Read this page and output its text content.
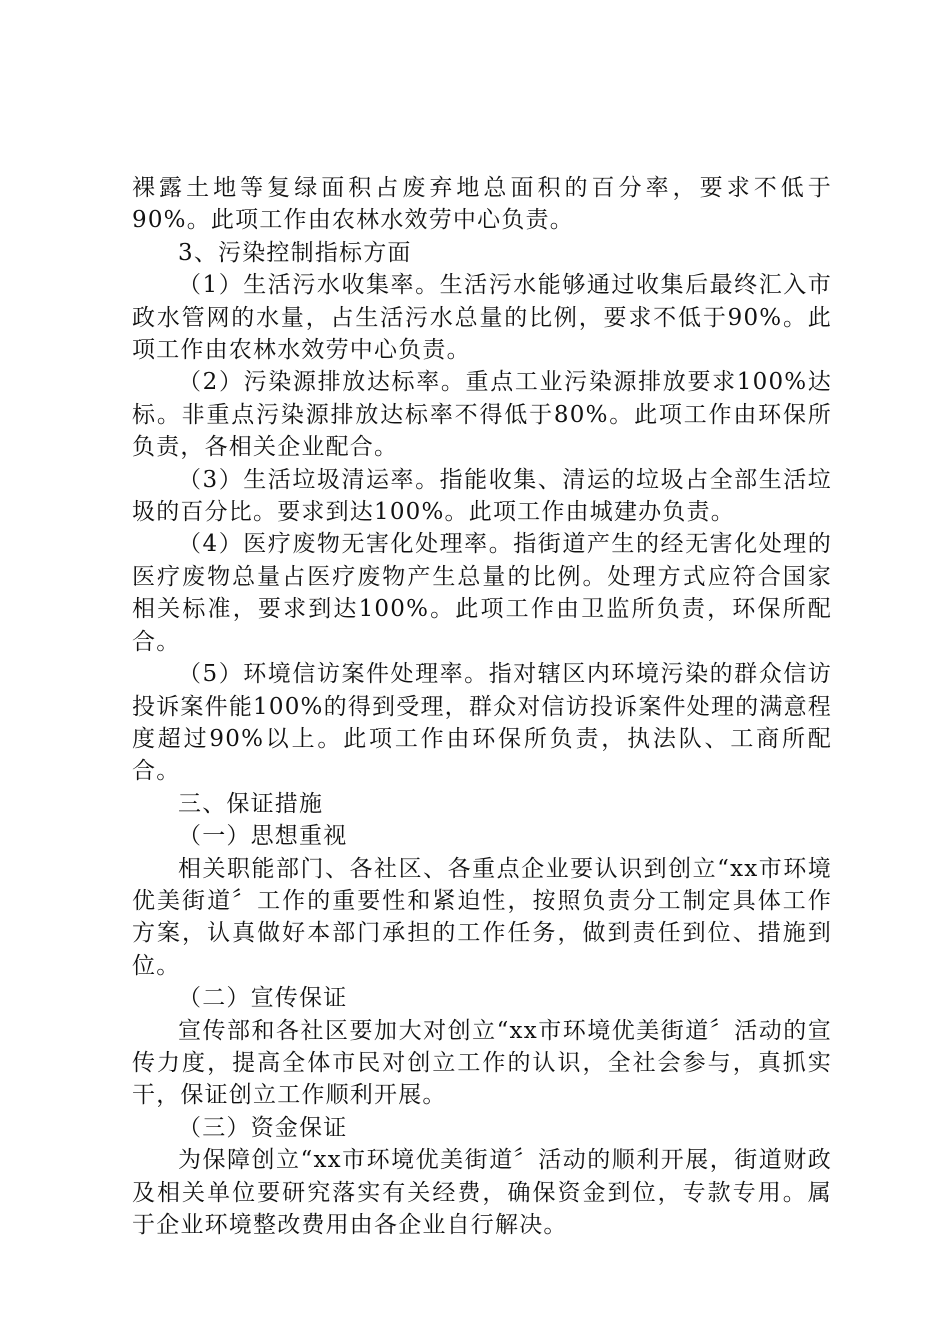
裸露土地等复绿面积占废弃地总面积的百分率，要求不低于90%。此项工作由农林水效劳中心负责。

3、污染控制指标方面

（1）生活污水收集率。生活污水能够通过收集后最终汇入市政水管网的水量，占生活污水总量的比例，要求不低于90%。此项工作由农林水效劳中心负责。

（2）污染源排放达标率。重点工业污染源排放要求100%达标。非重点污染源排放达标率不得低于80%。此项工作由环保所负责，各相关企业配合。

（3）生活垃圾清运率。指能收集、清运的垃圾占全部生活垃圾的百分比。要求到达100%。此项工作由城建办负责。

（4）医疗废物无害化处理率。指街道产生的经无害化处理的医疗废物总量占医疗废物产生总量的比例。处理方式应符合国家相关标准，要求到达100%。此项工作由卫监所负责，环保所配合。

（5）环境信访案件处理率。指对辖区内环境污染的群众信访投诉案件能100%的得到受理，群众对信访投诉案件处理的满意程度超过90%以上。此项工作由环保所负责，执法队、工商所配合。

三、保证措施

（一）思想重视

相关职能部门、各社区、各重点企业要认识到创立“xx市环境优美街道〞工作的重要性和紧迫性，按照负责分工制定具体工作方案，认真做好本部门承担的工作任务，做到责任到位、措施到位。

（二）宣传保证

宣传部和各社区要加大对创立“xx市环境优美街道〞活动的宣传力度，提高全体市民对创立工作的认识，全社会参与，真抓实干，保证创立工作顺利开展。

（三）资金保证

为保障创立“xx市环境优美街道〞活动的顺利开展，街道财政及相关单位要研究落实有关经费，确保资金到位，专款专用。属于企业环境整改费用由各企业自行解决。
